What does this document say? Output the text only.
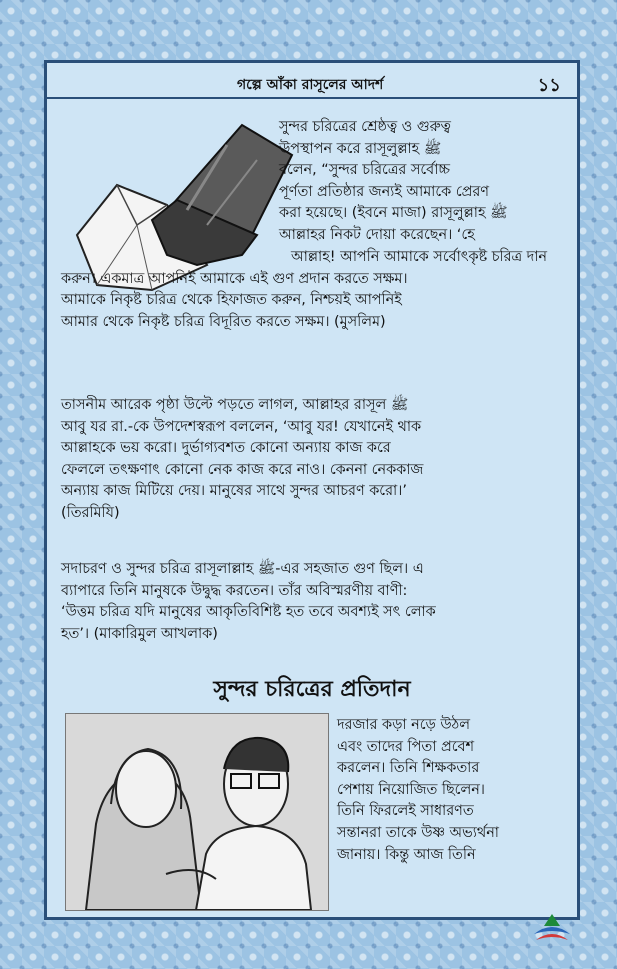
গল্পে আঁকা রাসূলের আদর্শ	১১

সুন্দর চরিত্রের শ্রেষ্ঠত্ব ও গুরুত্ব

উপস্থাপন করে রাসূলুল্লাহ ﷺ

বলেন, “সুন্দর চরিত্রের সর্বোচ্চ

পূর্ণতা প্রতিষ্ঠার জন্যই আমাকে প্রেরণ

করা হয়েছে। (ইবনে মাজা) রাসূলুল্লাহ ﷺ

আল্লাহর নিকট দোয়া করেছেন। ‘হে

আল্লাহ! আপনি আমাকে সর্বোৎকৃষ্ট চরিত্র দান

করুন। একমাত্র আপনিই আমাকে এই গুণ প্রদান করতে সক্ষম।

আমাকে নিকৃষ্ট চরিত্র থেকে হিফাজত করুন, নিশ্চয়ই আপনিই

আমার থেকে নিকৃষ্ট চরিত্র বিদূরিত করতে সক্ষম। (মুসলিম)

তাসনীম আরেক পৃষ্ঠা উল্টে পড়তে লাগল, আল্লাহর রাসূল ﷺ

আবু যর রা.-কে উপদেশস্বরূপ বললেন, ‘আবু যর! যেখানেই থাক

আল্লাহকে ভয় করো। দুর্ভাগ্যবশত কোনো অন্যায় কাজ করে

ফেললে তৎক্ষণাৎ কোনো নেক কাজ করে নাও। কেননা নেককাজ

অন্যায় কাজ মিটিয়ে দেয়। মানুষের সাথে সুন্দর আচরণ করো।’

(তিরমিযি)

সদাচরণ ও সুন্দর চরিত্র রাসূলাল্লাহ ﷺ-এর সহজাত গুণ ছিল। এ

ব্যাপারে তিনি মানুষকে উদ্বুদ্ধ করতেন। তাঁর অবিস্মরণীয় বাণী:

‘উত্তম চরিত্র যদি মানুষের আকৃতিবিশিষ্ট হত তবে অবশ্যই সৎ লোক

হত’। (মাকারিমুল আখলাক)

সুন্দর চরিত্রের প্রতিদান

দরজার কড়া নড়ে উঠল

এবং তাদের পিতা প্রবেশ

করলেন। তিনি শিক্ষকতার

পেশায় নিয়োজিত ছিলেন।

তিনি ফিরলেই সাধারণত

সন্তানরা তাকে উষ্ণ অভ্যর্থনা

জানায়। কিন্তু আজ তিনি
